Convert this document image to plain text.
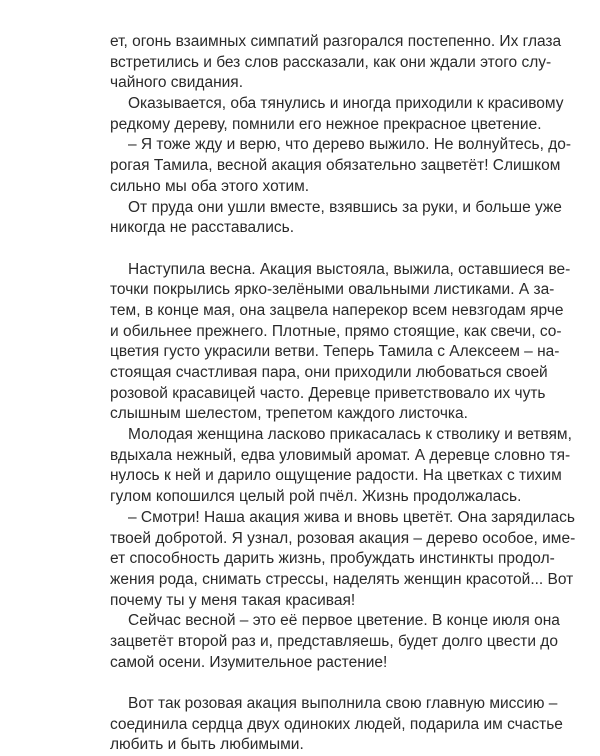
ет, огонь взаимных симпатий разгорался постепенно. Их глаза
встретились и без слов рассказали, как они ждали этого слу-
чайного свидания.
Оказывается, оба тянулись и иногда приходили к красивому
редкому дереву, помнили его нежное прекрасное цветение.
– Я тоже жду и верю, что дерево выжило. Не волнуйтесь, до-
рогая Тамила, весной акация обязательно зацветёт! Слишком
сильно мы оба этого хотим.
От пруда они ушли вместе, взявшись за руки, и больше уже
никогда не расставались.
Наступила весна. Акация выстояла, выжила, оставшиеся ве-
точки покрылись ярко-зелёными овальными листиками. А за-
тем, в конце мая, она зацвела наперекор всем невзгодам ярче
и обильнее прежнего. Плотные, прямо стоящие, как свечи, со-
цветия густо украсили ветви. Теперь Тамила с Алексеем – на-
стоящая счастливая пара, они приходили любоваться своей
розовой красавицей часто. Деревце приветствовало их чуть
слышным шелестом, трепетом каждого листочка.
Молодая женщина ласково прикасалась к стволику и ветвям,
вдыхала нежный, едва уловимый аромат. А деревце словно тя-
нулось к ней и дарило ощущение радости. На цветках с тихим
гулом копошился целый рой пчёл. Жизнь продолжалась.
– Смотри! Наша акация жива и вновь цветёт. Она зарядилась
твоей добротой. Я узнал, розовая акация – дерево особое, име-
ет способность дарить жизнь, пробуждать инстинкты продол-
жения рода, снимать стрессы, наделять женщин красотой... Вот
почему ты у меня такая красивая!
Сейчас весной – это её первое цветение. В конце июля она
зацветёт второй раз и, представляешь, будет долго цвести до
самой осени. Изумительное растение!
Вот так розовая акация выполнила свою главную миссию –
соединила сердца двух одиноких людей, подарила им счастье
любить и быть любимыми.
